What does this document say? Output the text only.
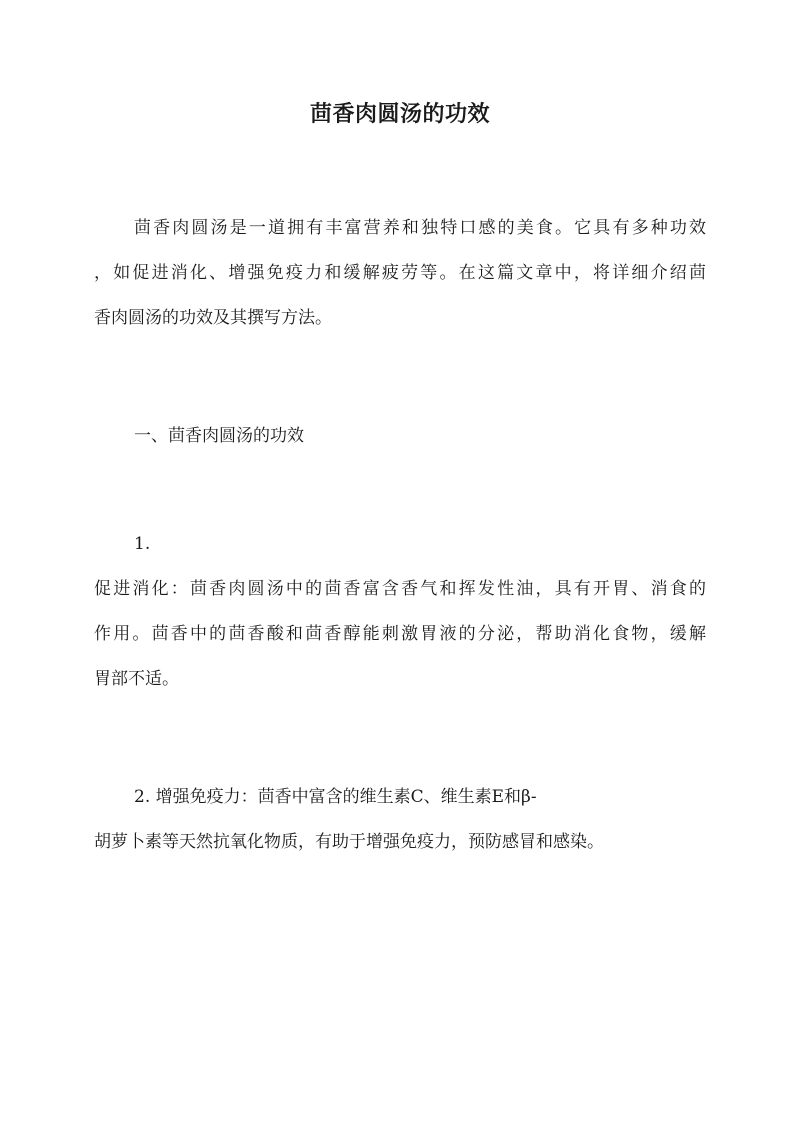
茴香肉圆汤的功效
茴香肉圆汤是一道拥有丰富营养和独特口感的美食。它具有多种功效
，如促进消化、增强免疫力和缓解疲劳等。在这篇文章中，将详细介绍茴
香肉圆汤的功效及其撰写方法。
一、茴香肉圆汤的功效
1.
促进消化：茴香肉圆汤中的茴香富含香气和挥发性油，具有开胃、消食的
作用。茴香中的茴香酸和茴香醇能刺激胃液的分泌，帮助消化食物，缓解
胃部不适。
2. 增强免疫力：茴香中富含的维生素C、维生素E和β-
胡萝卜素等天然抗氧化物质，有助于增强免疫力，预防感冒和感染。
